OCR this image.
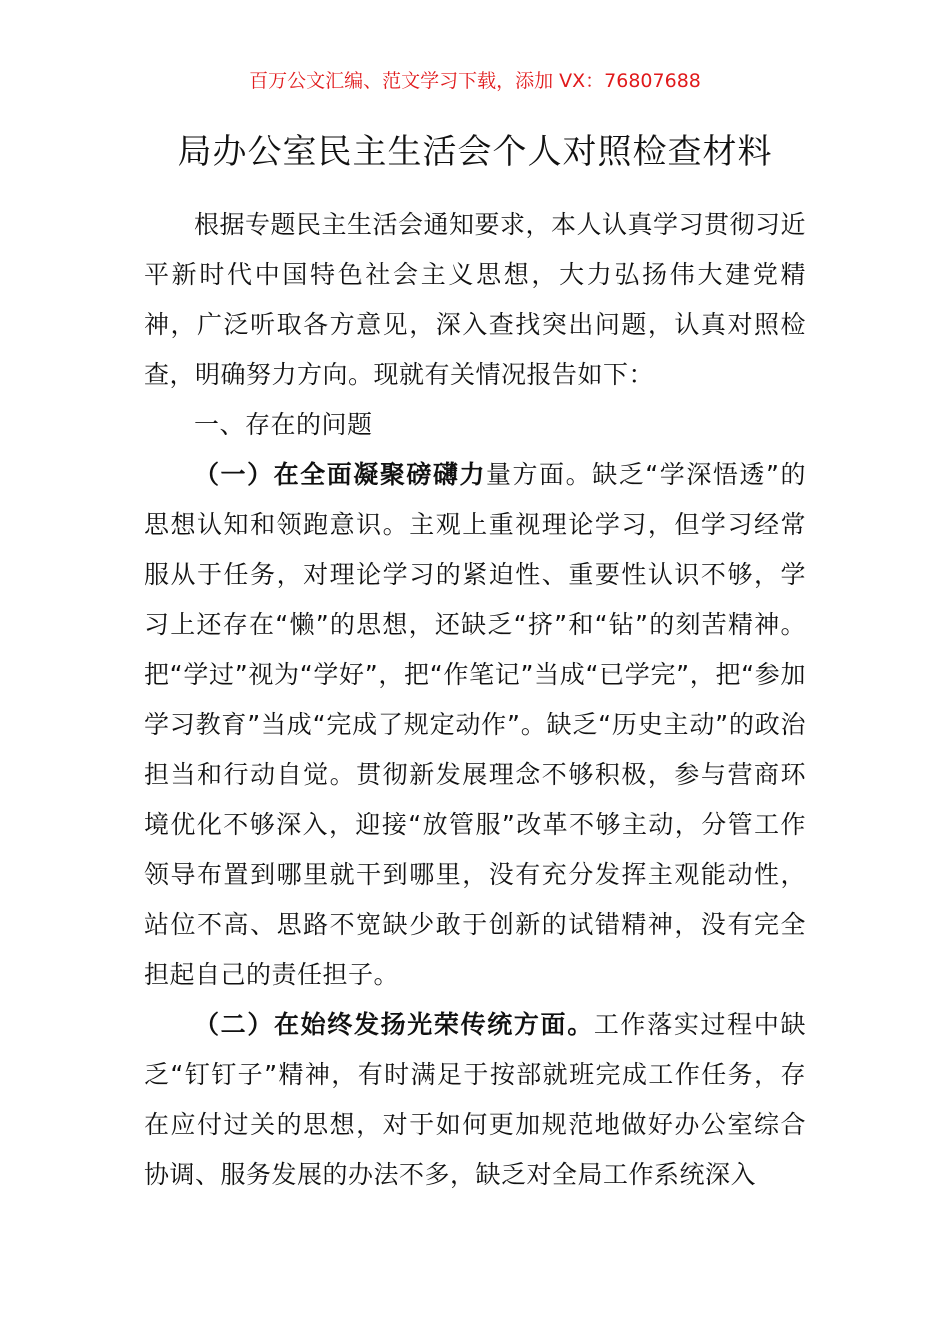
百万公文汇编、范文学习下载，添加 VX：76807688
局办公室民主生活会个人对照检查材料

根据专题民主生活会通知要求，本人认真学习贯彻习近平新时代中国特色社会主义思想，大力弘扬伟大建党精神，广泛听取各方意见，深入查找突出问题，认真对照检查，明确努力方向。现就有关情况报告如下：

一、存在的问题

（一）在全面凝聚磅礴力量方面。缺乏“学深悟透”的思想认知和领跑意识。主观上重视理论学习，但学习经常服从于任务，对理论学习的紧迫性、重要性认识不够，学习上还存在“懒”的思想，还缺乏“挤”和“钻”的刻苦精神。把“学过”视为“学好”，把“作笔记”当成“已学完”，把“参加学习教育”当成“完成了规定动作”。缺乏“历史主动”的政治担当和行动自觉。贯彻新发展理念不够积极，参与营商环境优化不够深入，迎接“放管服”改革不够主动，分管工作领导布置到哪里就干到哪里，没有充分发挥主观能动性，站位不高、思路不宽缺少敢于创新的试错精神，没有完全担起自己的责任担子。

（二）在始终发扬光荣传统方面。工作落实过程中缺乏“钉钉子”精神，有时满足于按部就班完成工作任务，存在应付过关的思想，对于如何更加规范地做好办公室综合协调、服务发展的办法不多，缺乏对全局工作系统深入
